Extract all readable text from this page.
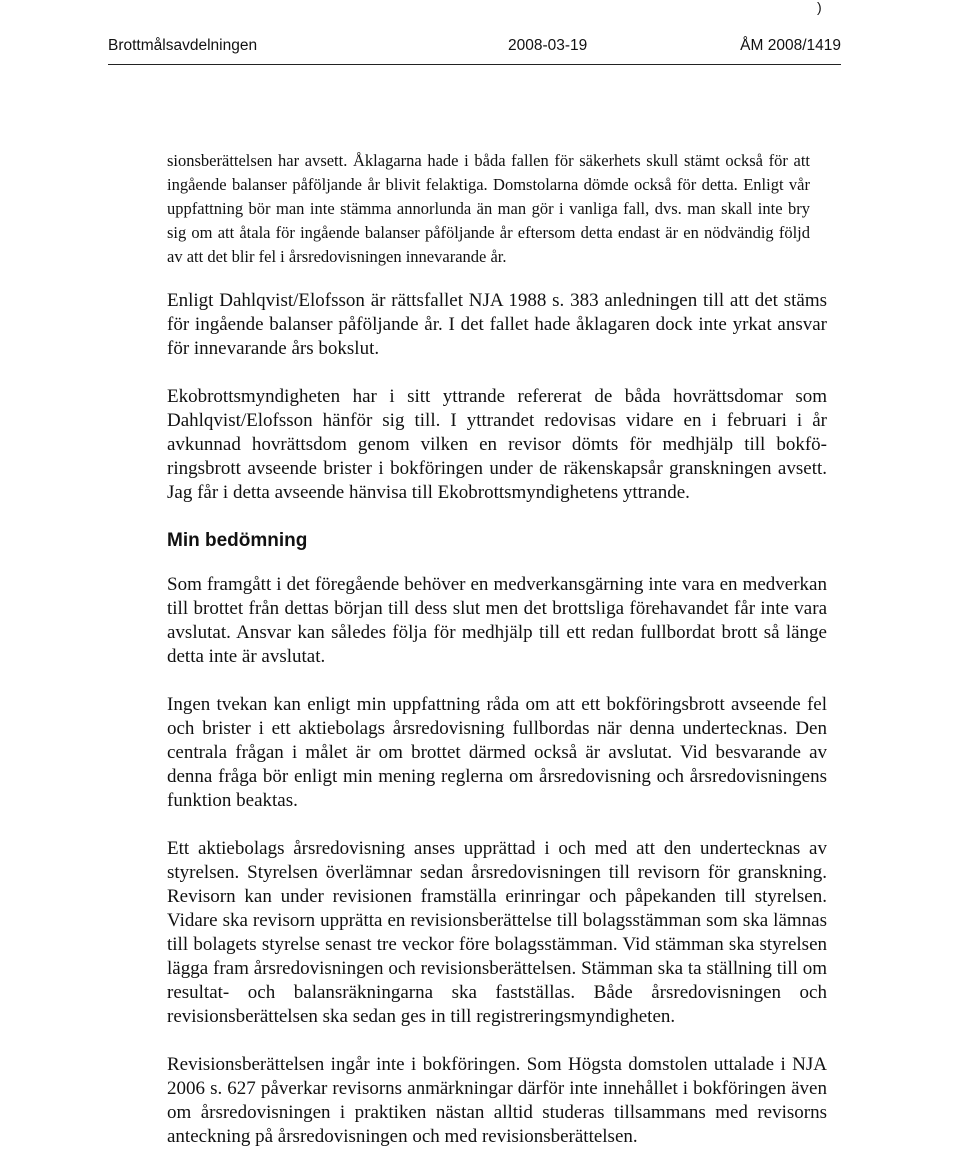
)
Brottmålsavdelningen	2008-03-19	ÅM 2008/1419

sionsberättelsen har avsett. Åklagarna hade i båda fallen för säkerhets skull stämt också för att ingående balanser påföljande år blivit felaktiga. Domstolarna dömde också för detta. Enligt vår uppfattning bör man inte stämma annorlunda än man gör i vanliga fall, dvs. man skall inte bry sig om att åtala för ingående balanser påföljande år eftersom detta endast är en nödvändig följd av att det blir fel i årsredovisningen innevarande år.

Enligt Dahlqvist/Elofsson är rättsfallet NJA 1988 s. 383 anledningen till att det stäms för ingående balanser påföljande år. I det fallet hade åklagaren dock inte yrkat ansvar för innevarande års bokslut.

Ekobrottsmyndigheten har i sitt yttrande refererat de båda hovrättsdomar som Dahlqvist/Elofsson hänför sig till. I yttrandet redovisas vidare en i februari i år avkunnad hovrättsdom genom vilken en revisor dömts för medhjälp till bokföringsbrott avseende brister i bokföringen under de räkenskapsår granskningen avsett. Jag får i detta avseende hänvisa till Ekobrottsmyndighetens yttrande.

Min bedömning

Som framgått i det föregående behöver en medverkansgärning inte vara en medverkan till brottet från dettas början till dess slut men det brottsliga förehavandet får inte vara avslutat. Ansvar kan således följa för medhjälp till ett redan fullbordat brott så länge detta inte är avslutat.

Ingen tvekan kan enligt min uppfattning råda om att ett bokföringsbrott avseende fel och brister i ett aktiebolags årsredovisning fullbordas när denna undertecknas. Den centrala frågan i målet är om brottet därmed också är avslutat. Vid besvarande av denna fråga bör enligt min mening reglerna om årsredovisning och årsredovisningens funktion beaktas.

Ett aktiebolags årsredovisning anses upprättad i och med att den undertecknas av styrelsen. Styrelsen överlämnar sedan årsredovisningen till revisorn för granskning. Revisorn kan under revisionen framställa erinringar och påpekanden till styrelsen. Vidare ska revisorn upprätta en revisionsberättelse till bolagsstämman som ska lämnas till bolagets styrelse senast tre veckor före bolagsstämman. Vid stämman ska styrelsen lägga fram årsredovisningen och revisionsberättelsen. Stämman ska ta ställning till om resultat- och balansräkningarna ska fastställas. Både årsredovisningen och revisionsberättelsen ska sedan ges in till registreringsmyndigheten.

Revisionsberättelsen ingår inte i bokföringen. Som Högsta domstolen uttalade i NJA 2006 s. 627 påverkar revisorns anmärkningar därför inte innehållet i bokföringen även om årsredovisningen i praktiken nästan alltid studeras tillsammans med revisorns anteckning på årsredovisningen och med revisionsberättelsen.
